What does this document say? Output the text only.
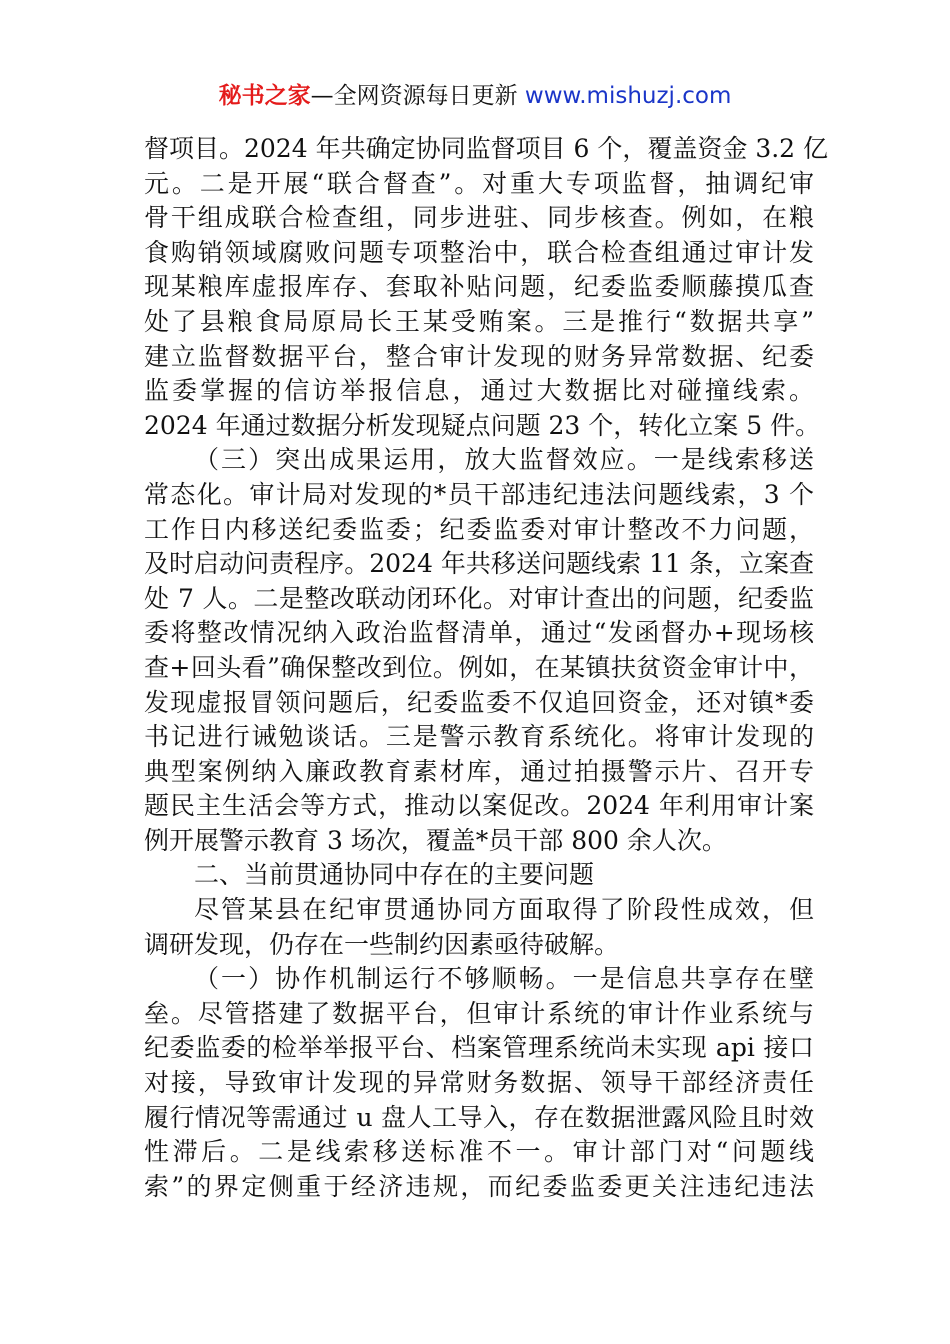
秘书之家—全网资源每日更新 www.mishuzj.com
督项目。2024 年共确定协同监督项目 6 个，覆盖资金 3.2 亿
元。二是开展“联合督查”。对重大专项监督，抽调纪审
骨干组成联合检查组，同步进驻、同步核查。例如，在粮
食购销领域腐败问题专项整治中，联合检查组通过审计发
现某粮库虚报库存、套取补贴问题，纪委监委顺藤摸瓜查
处了县粮食局原局长王某受贿案。三是推行“数据共享”
建立监督数据平台，整合审计发现的财务异常数据、纪委
监委掌握的信访举报信息，通过大数据比对碰撞线索。
2024 年通过数据分析发现疑点问题 23 个，转化立案 5 件。
（三）突出成果运用，放大监督效应。一是线索移送
常态化。审计局对发现的*员干部违纪违法问题线索，3 个
工作日内移送纪委监委；纪委监委对审计整改不力问题，
及时启动问责程序。2024 年共移送问题线索 11 条，立案查
处 7 人。二是整改联动闭环化。对审计查出的问题，纪委监
委将整改情况纳入政治监督清单，通过“发函督办+现场核
查+回头看”确保整改到位。例如，在某镇扶贫资金审计中，
发现虚报冒领问题后，纪委监委不仅追回资金，还对镇*委
书记进行诫勉谈话。三是警示教育系统化。将审计发现的
典型案例纳入廉政教育素材库，通过拍摄警示片、召开专
题民主生活会等方式，推动以案促改。2024 年利用审计案
例开展警示教育 3 场次，覆盖*员干部 800 余人次。
二、当前贯通协同中存在的主要问题
尽管某县在纪审贯通协同方面取得了阶段性成效，但
调研发现，仍存在一些制约因素亟待破解。
（一）协作机制运行不够顺畅。一是信息共享存在壁
垒。尽管搭建了数据平台，但审计系统的审计作业系统与
纪委监委的检举举报平台、档案管理系统尚未实现 api 接口
对接，导致审计发现的异常财务数据、领导干部经济责任
履行情况等需通过 u 盘人工导入，存在数据泄露风险且时效
性滞后。二是线索移送标准不一。审计部门对“问题线
索”的界定侧重于经济违规，而纪委监委更关注违纪违法
